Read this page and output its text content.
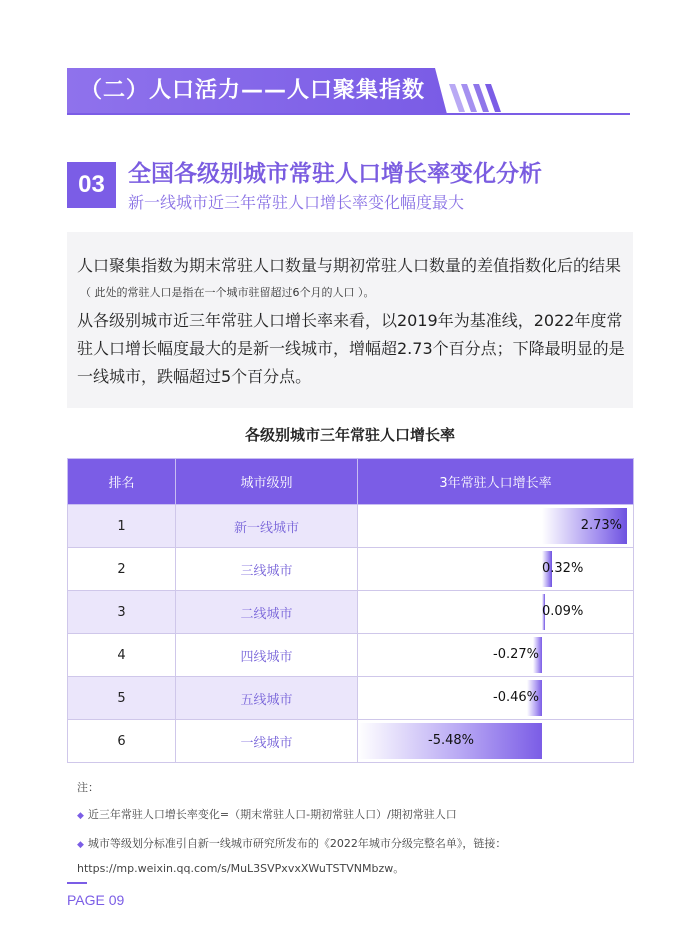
（二）人口活力——人口聚集指数
03	全国各级别城市常驻人口增长率变化分析
新一线城市近三年常驻人口增长率变化幅度最大
人口聚集指数为期末常驻人口数量与期初常驻人口数量的差值指数化后的结果
（ 此处的常驻人口是指在一个城市驻留超过6个月的人口 ）。
从各级别城市近三年常驻人口增长率来看，以2019年为基准线，2022年度常驻人口增长幅度最大的是新一线城市，增幅超2.73个百分点；下降最明显的是一线城市，跌幅超过5个百分点。
各级别城市三年常驻人口增长率
排名	城市级别	3年常驻人口增长率
1	新一线城市	2.73%

2	三线城市	0.32%

3	二线城市	0.09%

4	四线城市	-0.27%

5	五线城市	-0.46%

6	一线城市	-5.48%
注：
◆ 近三年常驻人口增长率变化=（期末常驻人口-期初常驻人口）/期初常驻人口
◆ 城市等级划分标准引自新一线城市研究所发布的《2022年城市分级完整名单》，链接：https://mp.weixin.qq.com/s/MuL3SVPxvxXWuTSTVNMbzw。
PAGE 09
